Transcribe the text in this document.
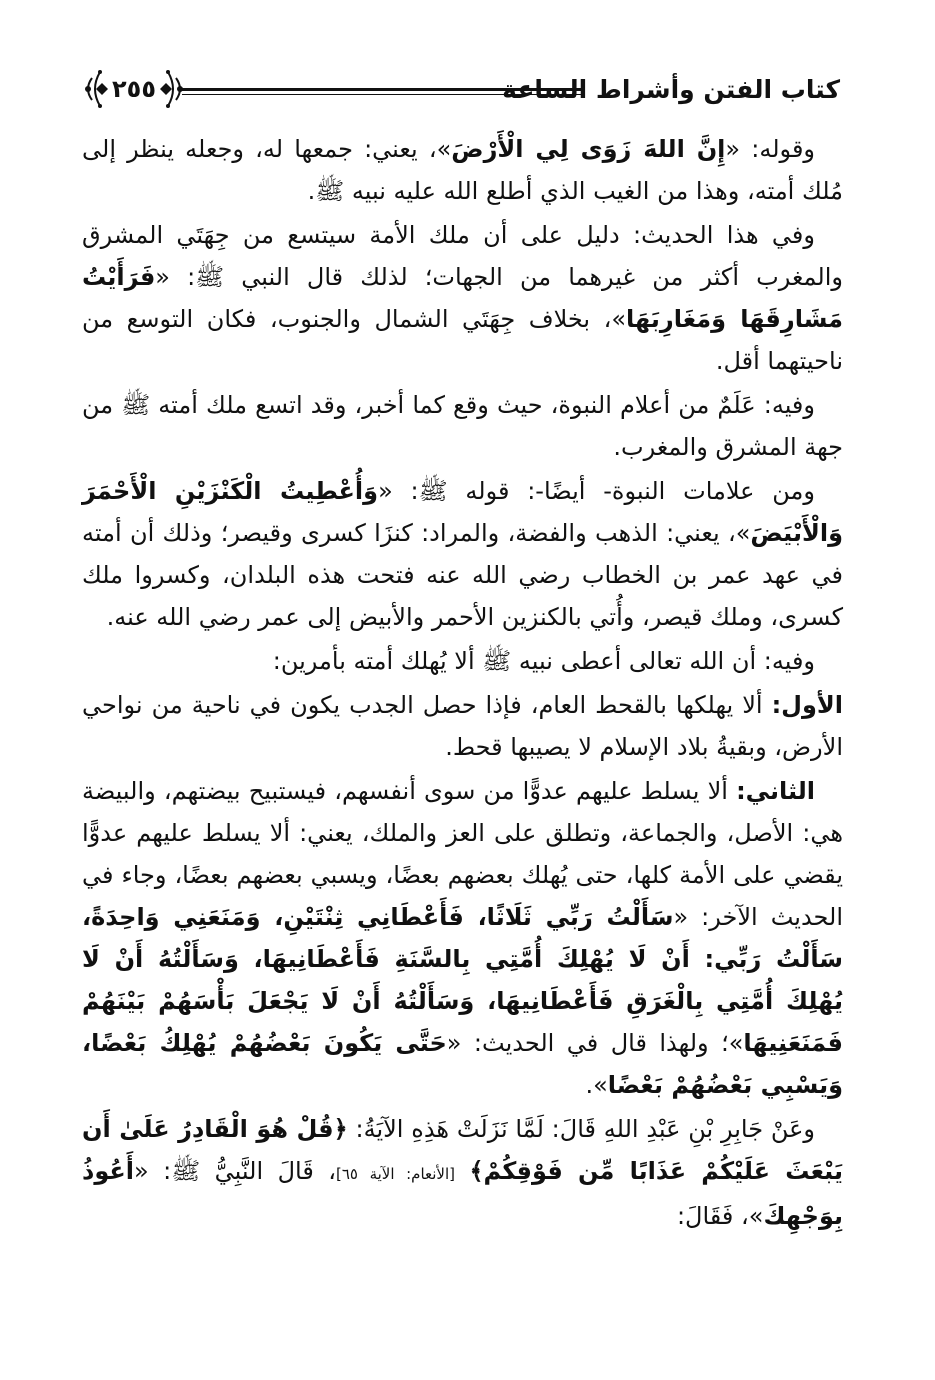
كتاب الفتن وأشراط الساعة
٢٥٥

وقوله: «إِنَّ اللهَ زَوَى لِي الْأَرْضَ»، يعني: جمعها له، وجعله ينظر إلى مُلك أمته، وهذا من الغيب الذي أطلع الله عليه نبيه ﷺ.

وفي هذا الحديث: دليل على أن ملك الأمة سيتسع من جِهَتَي المشرق والمغرب أكثر من غيرهما من الجهات؛ لذلك قال النبي ﷺ: «فَرَأَيْتُ مَشَارِقَهَا وَمَغَارِبَهَا»، بخلاف جِهَتَي الشمال والجنوب، فكان التوسع من ناحيتهما أقل.

وفيه: عَلَمٌ من أعلام النبوة، حيث وقع كما أخبر، وقد اتسع ملك أمته ﷺ من جهة المشرق والمغرب.

ومن علامات النبوة- أيضًا-: قوله ﷺ: «وَأُعْطِيتُ الْكَنْزَيْنِ الْأَحْمَرَ وَالْأَبْيَضَ»، يعني: الذهب والفضة، والمراد: كنزَا كسرى وقيصر؛ وذلك أن أمته في عهد عمر بن الخطاب رضي الله عنه فتحت هذه البلدان، وكسروا ملك كسرى، وملك قيصر، وأُتي بالكنزين الأحمر والأبيض إلى عمر رضي الله عنه.

وفيه: أن الله تعالى أعطى نبيه ﷺ ألا يُهلك أمته بأمرين:

الأول: ألا يهلكها بالقحط العام، فإذا حصل الجدب يكون في ناحية من نواحي الأرض، وبقيةُ بلاد الإسلام لا يصيبها قحط.

الثاني: ألا يسلط عليهم عدوًّا من سوى أنفسهم، فيستبيح بيضتهم، والبيضة هي: الأصل، والجماعة، وتطلق على العز والملك، يعني: ألا يسلط عليهم عدوًّا يقضي على الأمة كلها، حتى يُهلك بعضهم بعضًا، ويسبي بعضهم بعضًا، وجاء في الحديث الآخر: «سَأَلْتُ رَبِّي ثَلَاثًا، فَأَعْطَانِي ثِنْتَيْنِ، وَمَنَعَنِي وَاحِدَةً، سَأَلْتُ رَبِّي: أَنْ لَا يُهْلِكَ أُمَّتِي بِالسَّنَةِ فَأَعْطَانِيهَا، وَسَأَلْتُهُ أَنْ لَا يُهْلِكَ أُمَّتِي بِالْغَرَقِ فَأَعْطَانِيهَا، وَسَأَلْتُهُ أَنْ لَا يَجْعَلَ بَأْسَهُمْ بَيْنَهُمْ فَمَنَعَنِيهَا»؛ ولهذا قال في الحديث: «حَتَّى يَكُونَ بَعْضُهُمْ يُهْلِكُ بَعْضًا، وَيَسْبِي بَعْضُهُمْ بَعْضًا».

وعَنْ جَابِرِ بْنِ عَبْدِ اللهِ قَالَ: لَمَّا نَزَلَتْ هَذِهِ الآيَةُ: ﴿قُلْ هُوَ الْقَادِرُ عَلَىٰ أَن يَبْعَثَ عَلَيْكُمْ عَذَابًا مِّن فَوْقِكُمْ﴾ [الأنعام: الآية ٦٥]، قَالَ النَّبِيُّ ﷺ: «أَعُوذُ بِوَجْهِكَ»، فَقَالَ:
